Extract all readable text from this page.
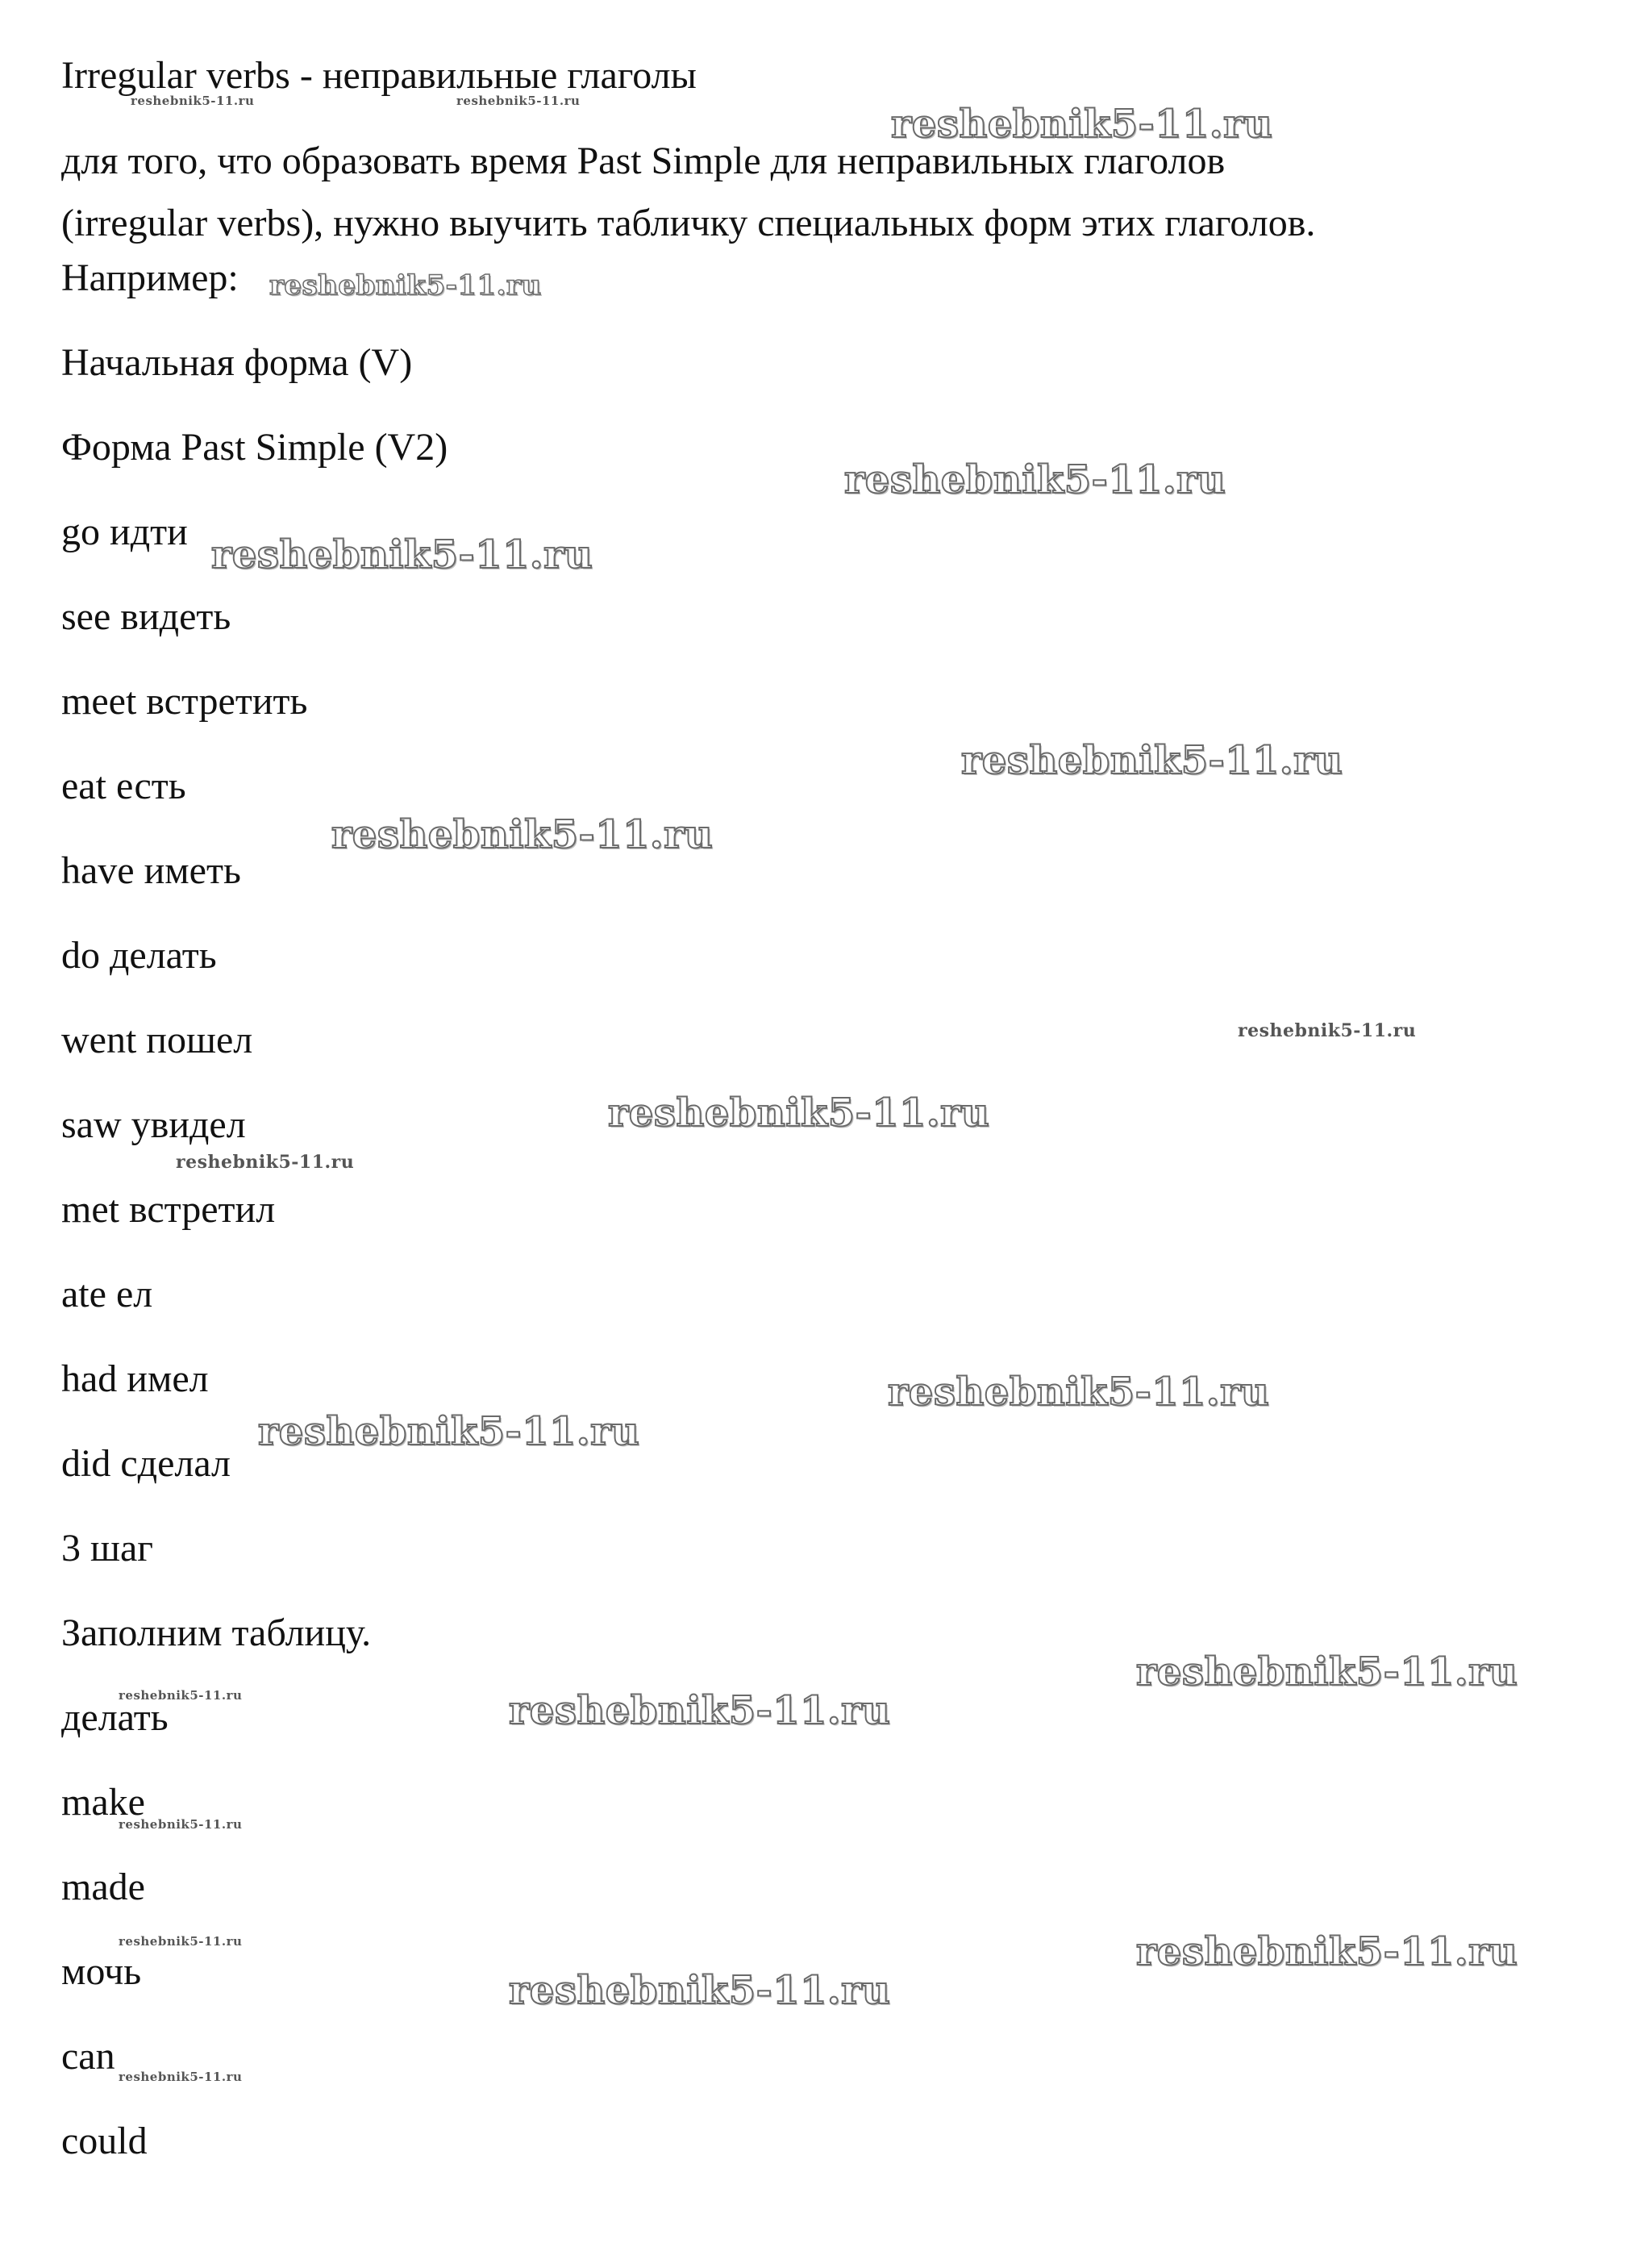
Irregular verbs - неправильные глаголы
для того, что образовать время Past Simple для неправильных глаголов
(irregular verbs), нужно выучить табличку специальных форм этих глаголов.
Например:
Начальная форма (V)
Форма Past Simple (V2)
go идти
see видеть
meet встретить
eat есть
have иметь
do делать
went пошел
saw увидел
met встретил
ate ел
had имел
did сделал
3 шаг
Заполним таблицу.
делать
make
made
мочь
can
could
reshebnik5-11.ru	reshebnik5-11.ru
reshebnik5-11.ru
reshebnik5-11.ru
reshebnik5-11.ru
reshebnik5-11.ru
reshebnik5-11.ru
reshebnik5-11.ru
reshebnik5-11.ru
reshebnik5-11.ru
reshebnik5-11.ru
reshebnik5-11.ru
reshebnik5-11.ru
reshebnik5-11.ru
reshebnik5-11.ru	reshebnik5-11.ru
reshebnik5-11.ru
reshebnik5-11.ru	reshebnik5-11.ru
reshebnik5-11.ru
reshebnik5-11.ru
